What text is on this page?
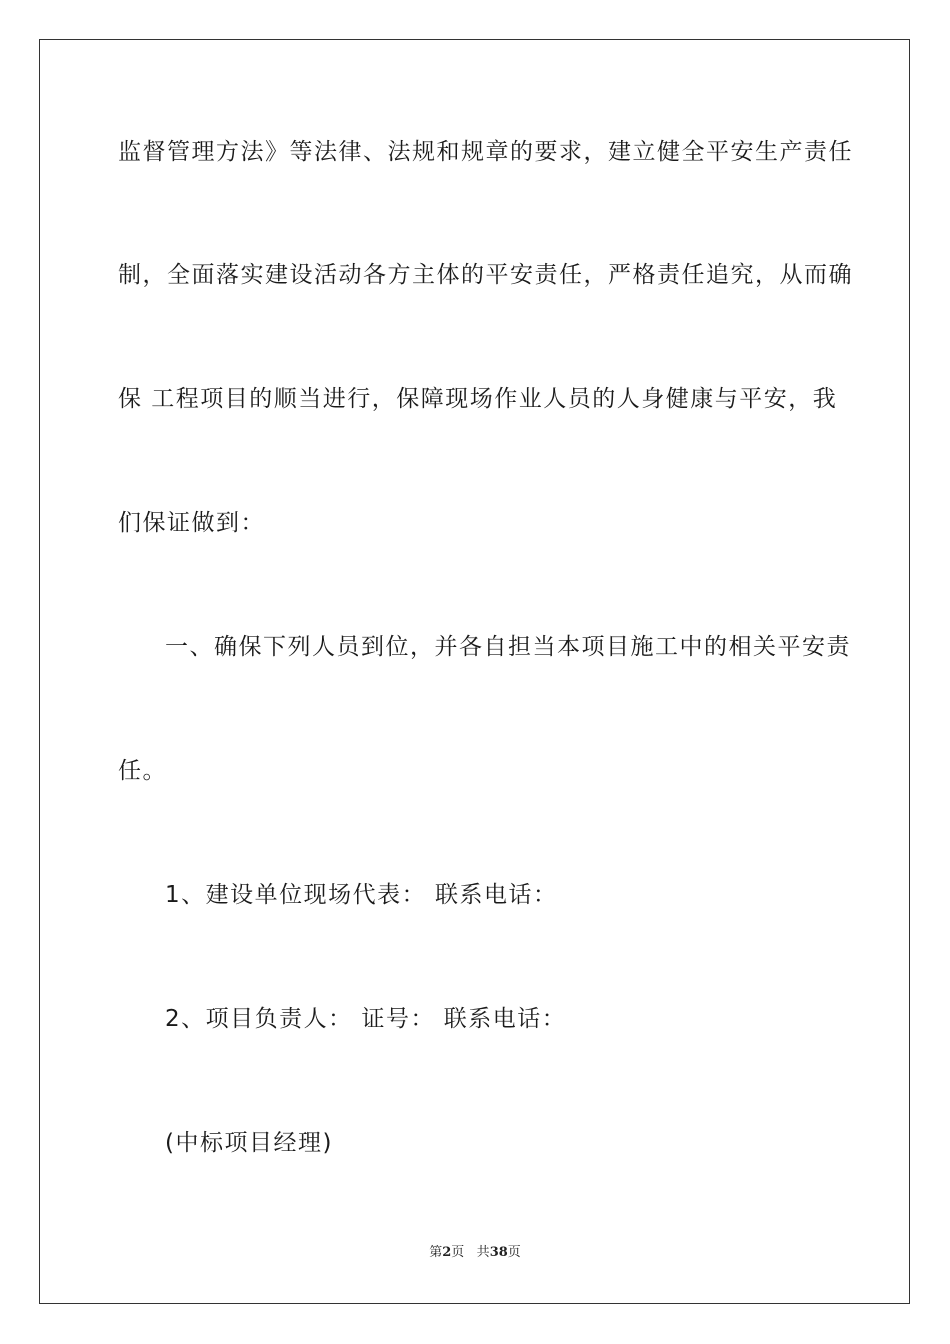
监督管理方法》等法律、法规和规章的要求，建立健全平安生产责任

制，全面落实建设活动各方主体的平安责任，严格责任追究，从而确

保 工程项目的顺当进行，保障现场作业人员的人身健康与平安，我

们保证做到：

一、确保下列人员到位，并各自担当本项目施工中的相关平安责

任。

1、建设单位现场代表： 联系电话：

2、项目负责人： 证号： 联系电话：

(中标项目经理)

第2页 共38页
